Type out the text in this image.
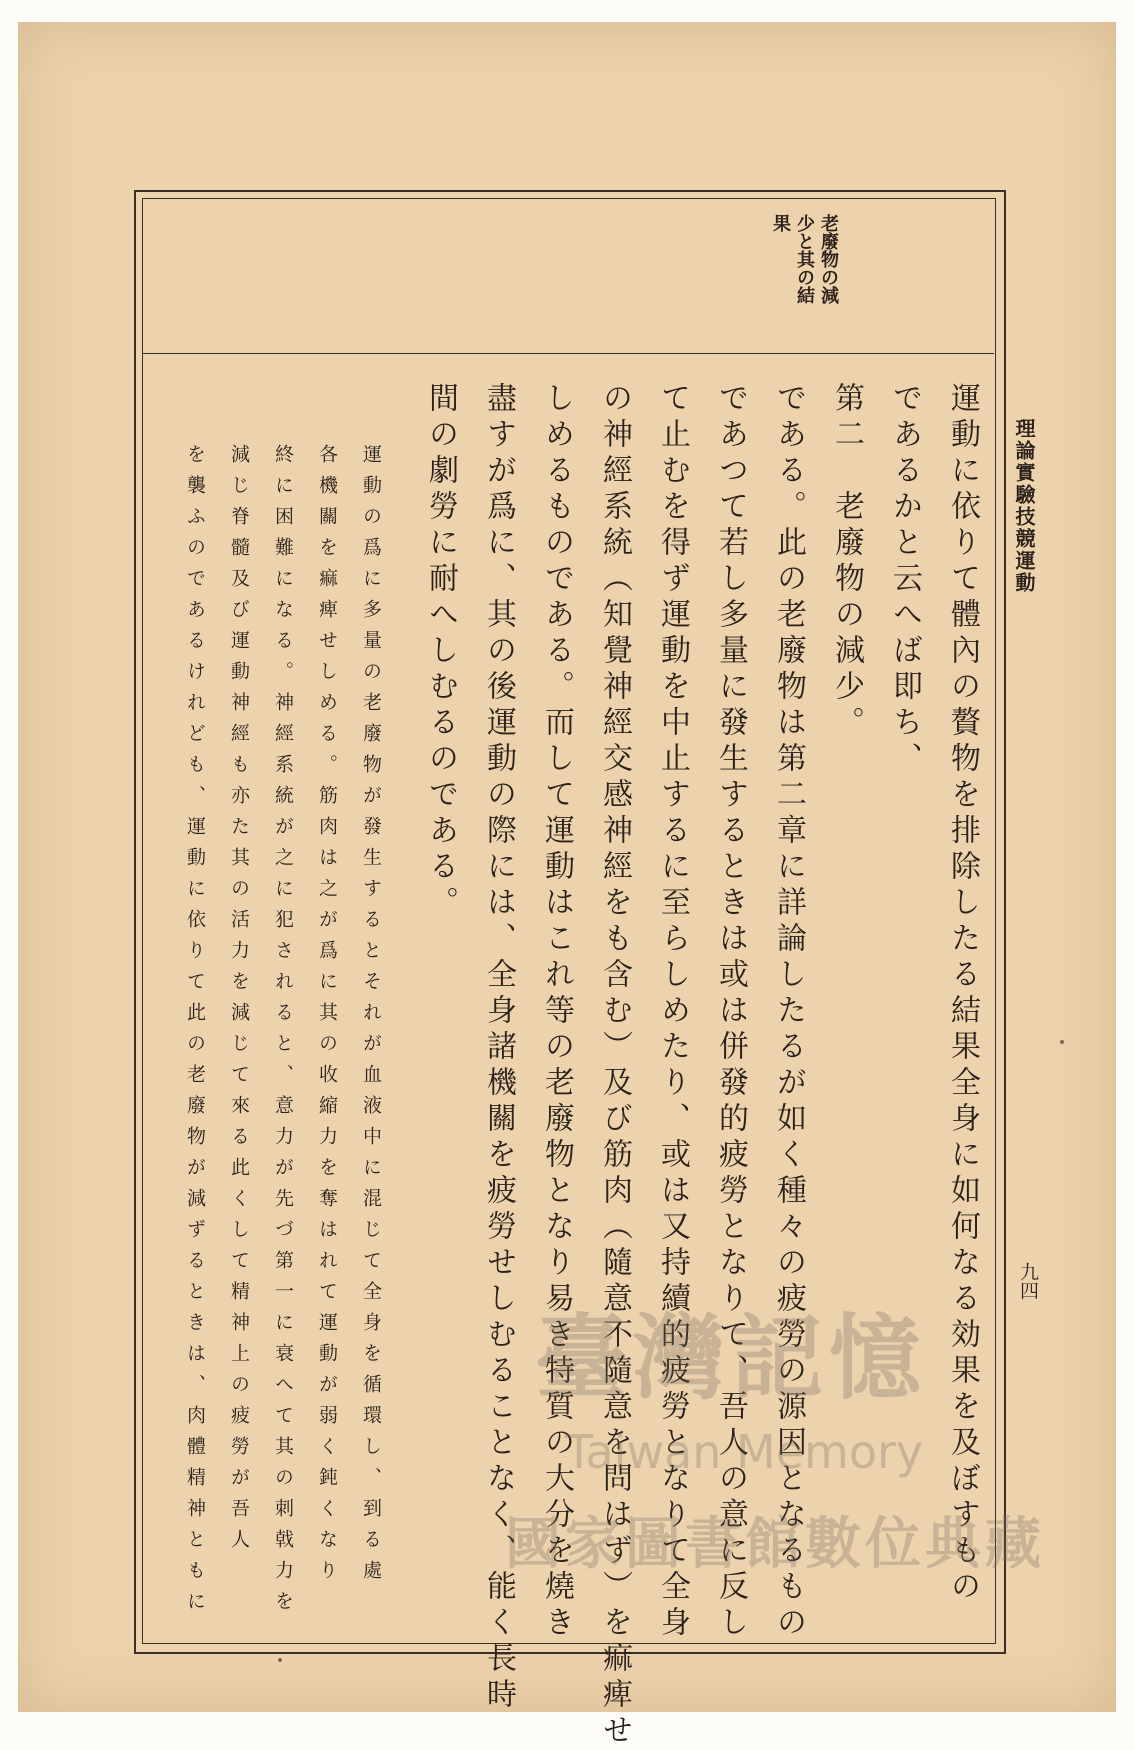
理論實驗技競運動
九四
老廢物の減
少と其の結
果
運動に依りて體內の贅物を排除したる結果全身に如何なる効果を及ぼすもの
であるかと云へば即ち、
第二　老廢物の減少。
である。此の老廢物は第二章に詳論したるが如く種々の疲勞の源因となるもの
であつて若し多量に發生するときは或は併發的疲勞となりて、吾人の意に反し
て止むを得ず運動を中止するに至らしめたり、或は又持續的疲勞となりて全身
の神經系統（知覺神經交感神經をも含む）及び筋肉（隨意不隨意を問はず）を痲痺せ
しめるものである。而して運動はこれ等の老廢物となり易き特質の大分を燒き
盡すが爲に、其の後運動の際には、全身諸機關を疲勞せしむることなく、能く長時
間の劇勞に耐へしむるのである。
運動の爲に多量の老廢物が發生するとそれが血液中に混じて全身を循環し、到る處
各機關を痲痺せしめる。筋肉は之が爲に其の收縮力を奪はれて運動が弱く鈍くなり
終に困難になる。神經系統が之に犯されると、意力が先づ第一に衰へて其の刺戟力を
減じ脊髓及び運動神經も亦た其の活力を減じて來る此くして精神上の疲勞が吾人
を襲ふのであるけれども、運動に依りて此の老廢物が減ずるときは、肉體精神ともに	臺灣記憶
Taiwan Memory
國家圖書館數位典藏
